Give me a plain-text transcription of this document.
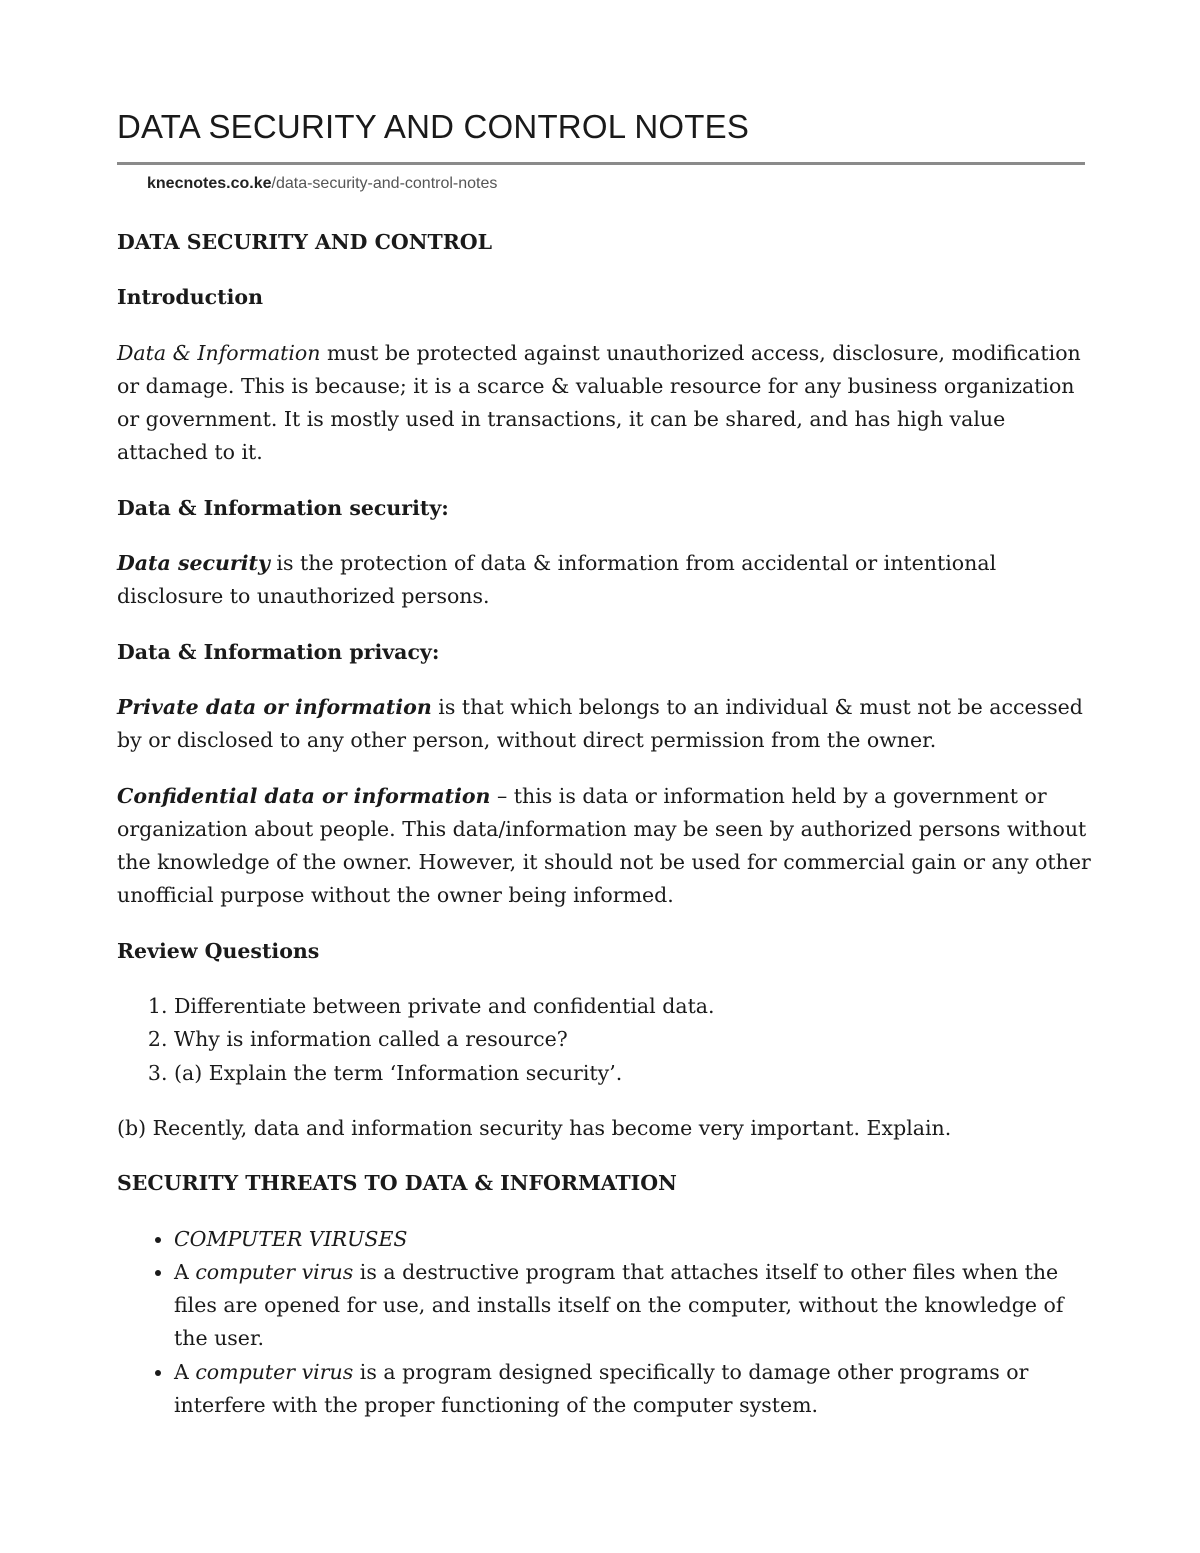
DATA SECURITY AND CONTROL NOTES
knecnotes.co.ke/data-security-and-control-notes

DATA SECURITY AND CONTROL

Introduction

Data & Information must be protected against unauthorized access, disclosure, modification or damage. This is because; it is a scarce & valuable resource for any business organization or government. It is mostly used in transactions, it can be shared, and has high value attached to it.

Data & Information security:

Data security is the protection of data & information from accidental or intentional disclosure to unauthorized persons.

Data & Information privacy:

Private data or information is that which belongs to an individual & must not be accessed by or disclosed to any other person, without direct permission from the owner.

Confidential data or information – this is data or information held by a government or organization about people. This data/information may be seen by authorized persons without the knowledge of the owner. However, it should not be used for commercial gain or any other unofficial purpose without the owner being informed.

Review Questions

1. Differentiate between private and confidential data.
2. Why is information called a resource?
3. (a) Explain the term ‘Information security’.

(b) Recently, data and information security has become very important. Explain.

SECURITY THREATS TO DATA & INFORMATION

• COMPUTER VIRUSES
• A computer virus is a destructive program that attaches itself to other files when the files are opened for use, and installs itself on the computer, without the knowledge of the user.
• A computer virus is a program designed specifically to damage other programs or interfere with the proper functioning of the computer system.
